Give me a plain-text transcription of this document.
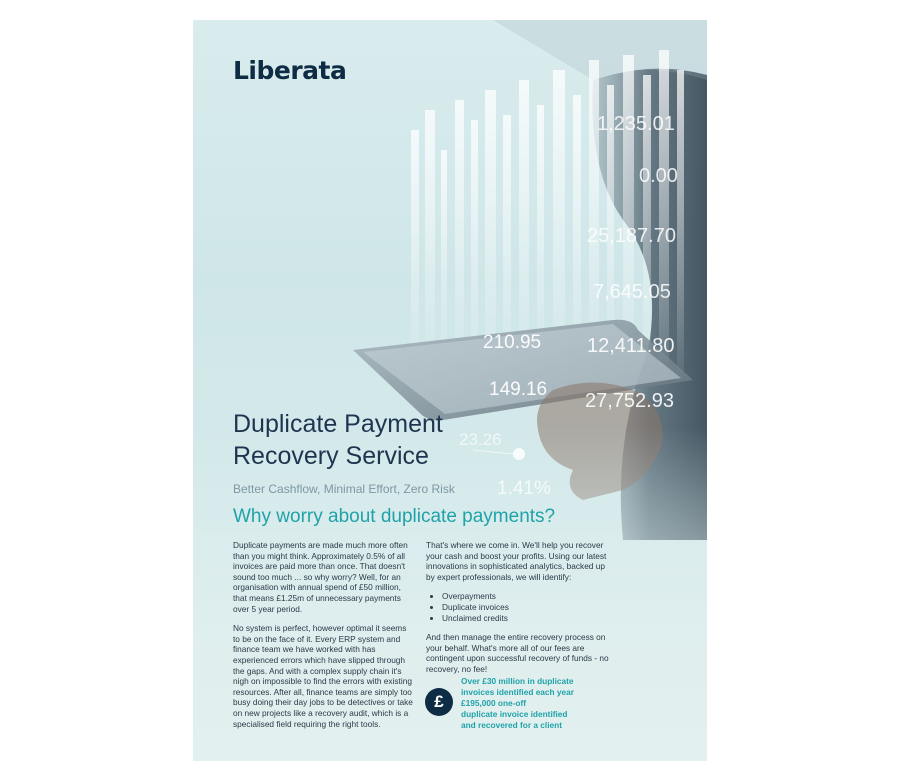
Liberata
Duplicate Payment
Recovery Service
Better Cashflow, Minimal Effort, Zero Risk
Why worry about duplicate payments?

Duplicate payments are made much more often than you might think. Approximately 0.5% of all invoices are paid more than once. That doesn't sound too much ... so why worry? Well, for an organisation with annual spend of £50 million, that means £1.25m of unnecessary payments over 5 year period.

No system is perfect, however optimal it seems to be on the face of it. Every ERP system and finance team we have worked with has experienced errors which have slipped through the gaps. And with a complex supply chain it's nigh on impossible to find the errors with existing resources. After all, finance teams are simply too busy doing their day jobs to be detectives or take on new projects like a recovery audit, which is a specialised field requiring the right tools.

That's where we come in. We'll help you recover your cash and boost your profits. Using our latest innovations in sophisticated analytics, backed up by expert professionals, we will identify:

• Overpayments
• Duplicate invoices
• Unclaimed credits

And then manage the entire recovery process on your behalf. What's more all of our fees are contingent upon successful recovery of funds - no recovery, no fee!

£
Over £30 million in duplicate
invoices identified each year
£195,000 one-off
duplicate invoice identified
and recovered for a client
